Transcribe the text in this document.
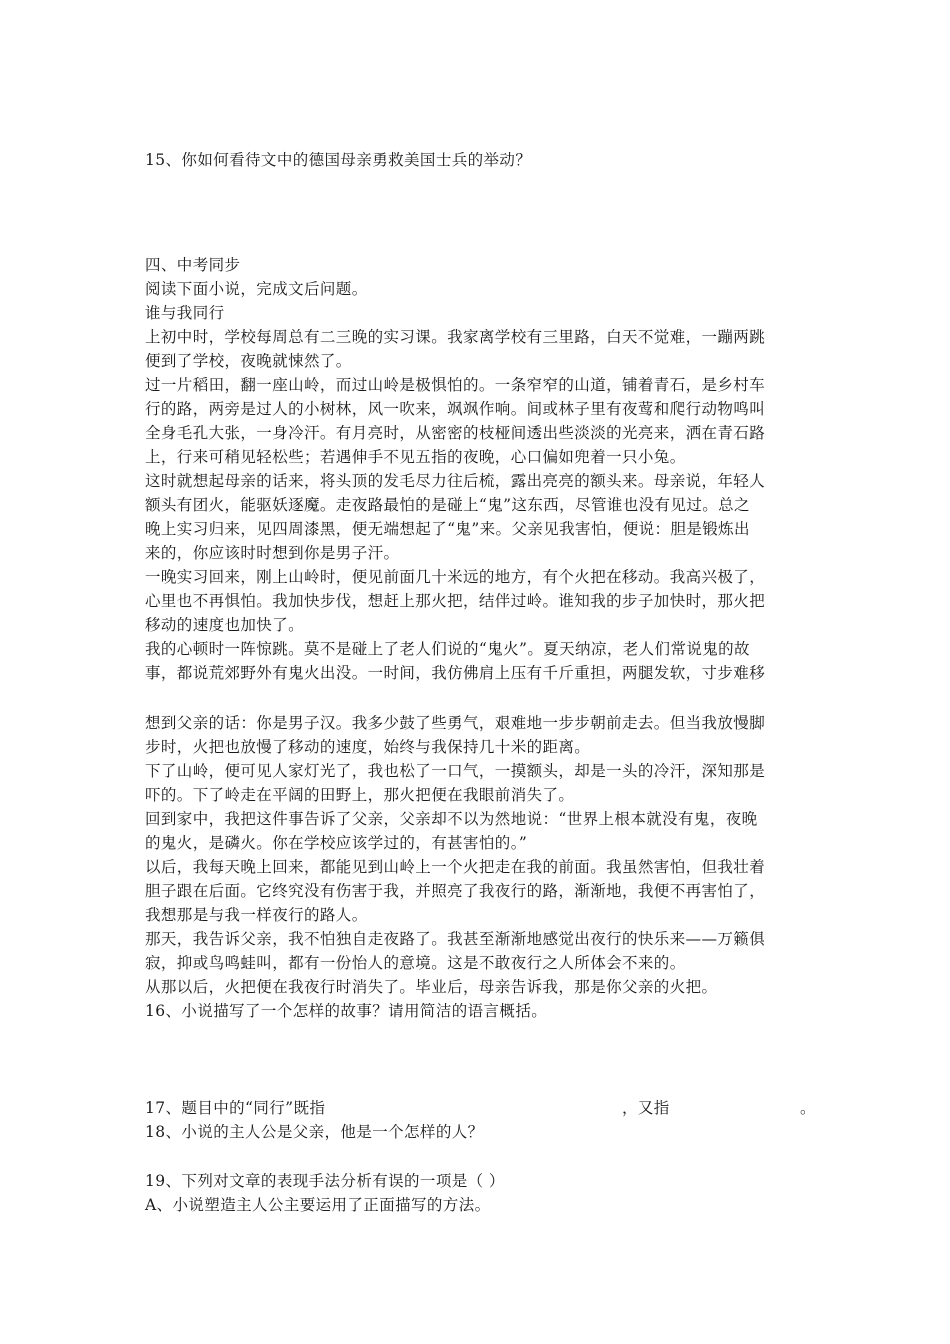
15、你如何看待文中的德国母亲勇救美国士兵的举动？
四、中考同步
阅读下面小说，完成文后问题。
谁与我同行
上初中时，学校每周总有二三晚的实习课。我家离学校有三里路，白天不觉难，一蹦两跳
便到了学校，夜晚就悚然了。
过一片稻田，翻一座山岭，而过山岭是极惧怕的。一条窄窄的山道，铺着青石，是乡村车
行的路，两旁是过人的小树林，风一吹来，飒飒作响。间或林子里有夜莺和爬行动物鸣叫
全身毛孔大张，一身冷汗。有月亮时，从密密的枝桠间透出些淡淡的光亮来，洒在青石路
上，行来可稍见轻松些；若遇伸手不见五指的夜晚，心口偏如兜着一只小兔。
这时就想起母亲的话来，将头顶的发毛尽力往后梳，露出亮亮的额头来。母亲说，年轻人
额头有团火，能驱妖逐魔。走夜路最怕的是碰上“鬼”这东西，尽管谁也没有见过。总之
晚上实习归来，见四周漆黑，便无端想起了“鬼”来。父亲见我害怕，便说：胆是锻炼出
来的，你应该时时想到你是男子汗。
一晚实习回来，刚上山岭时，便见前面几十米远的地方，有个火把在移动。我高兴极了，
心里也不再惧怕。我加快步伐，想赶上那火把，结伴过岭。谁知我的步子加快时，那火把
移动的速度也加快了。
我的心顿时一阵惊跳。莫不是碰上了老人们说的“鬼火”。夏天纳凉，老人们常说鬼的故
事，都说荒郊野外有鬼火出没。一时间，我仿佛肩上压有千斤重担，两腿发软，寸步难移
想到父亲的话：你是男子汉。我多少鼓了些勇气，艰难地一步步朝前走去。但当我放慢脚
步时，火把也放慢了移动的速度，始终与我保持几十米的距离。
下了山岭，便可见人家灯光了，我也松了一口气，一摸额头，却是一头的冷汗，深知那是
吓的。下了岭走在平阔的田野上，那火把便在我眼前消失了。
回到家中，我把这件事告诉了父亲，父亲却不以为然地说：“世界上根本就没有鬼，夜晚
的鬼火，是磷火。你在学校应该学过的，有甚害怕的。”
以后，我每天晚上回来，都能见到山岭上一个火把走在我的前面。我虽然害怕，但我壮着
胆子跟在后面。它终究没有伤害于我，并照亮了我夜行的路，渐渐地，我便不再害怕了，
我想那是与我一样夜行的路人。
那天，我告诉父亲，我不怕独自走夜路了。我甚至渐渐地感觉出夜行的快乐来——万籁俱
寂，抑或鸟鸣蛙叫，都有一份怡人的意境。这是不敢夜行之人所体会不来的。
从那以后，火把便在我夜行时消失了。毕业后，母亲告诉我，那是你父亲的火把。
16、小说描写了一个怎样的故事？请用简洁的语言概括。
17、题目中的“同行”既指	，又指	。
18、小说的主人公是父亲，他是一个怎样的人？
19、下列对文章的表现手法分析有误的一项是（ ）
A、小说塑造主人公主要运用了正面描写的方法。
